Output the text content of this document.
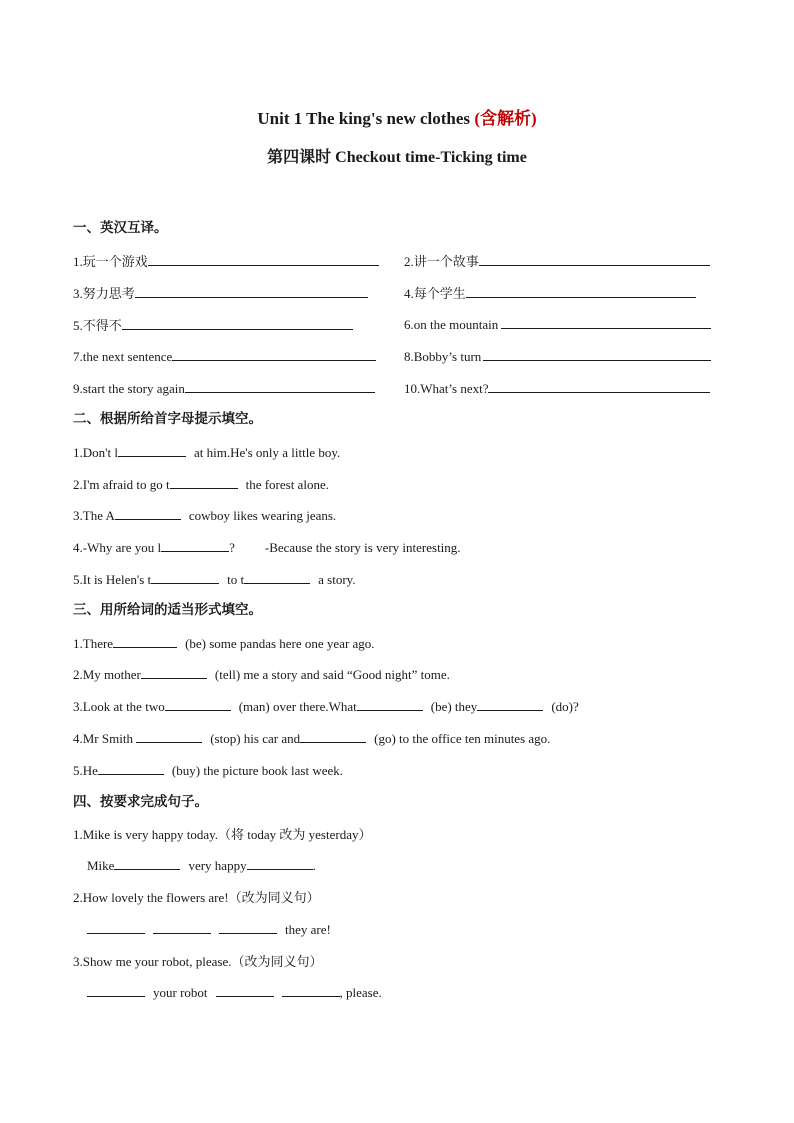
Unit 1 The king's new clothes (含解析)
第四课时 Checkout time-Ticking time
一、英汉互译。
1.玩一个游戏	2.讲一个故事
3.努力思考	4.每个学生
5.不得不	6.on the mountain
7.the next sentence	8.Bobby’s turn
9.start the story again	10.What’s next?
二、根据所给首字母提示填空。
1.Don't l	at him.He's only a little boy.
2.I'm afraid to go t	the forest alone.
3.The A	cowboy likes wearing jeans.
4.-Why are you l	? -Because the story is very interesting.
5.It is Helen's t	to t	a story.
三、用所给词的适当形式填空。
1.There	(be) some pandas here one year ago.
2.My mother	(tell) me a story and said “Good night” tome.
3.Look at the two	(man) over there.What	(be) they	(do)?
4.Mr Smith	(stop) his car and	(go) to the office ten minutes ago.
5.He	(buy) the picture book last week.
四、按要求完成句子。
1.Mike is very happy today.（将 today 改为 yesterday）
Mike	very happy	.
2.How lovely the flowers are!（改为同义句）
they are!
3.Show me your robot, please.（改为同义句）
your robot	, please.
